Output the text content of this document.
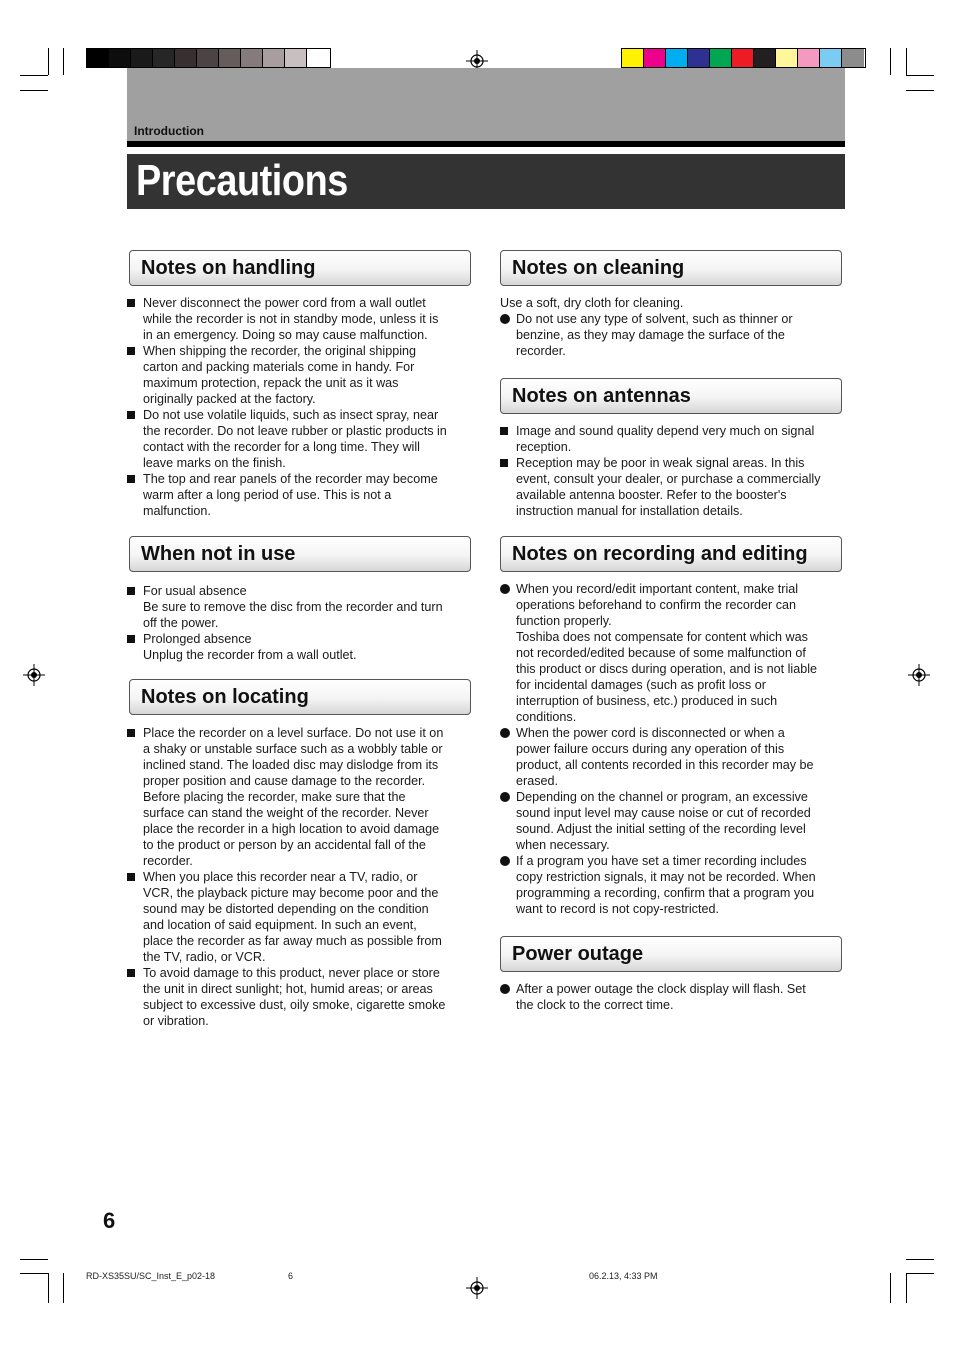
Introduction
Precautions
Notes on handling
Never disconnect the power cord from a wall outlet
while the recorder is not in standby mode, unless it is
in an emergency. Doing so may cause malfunction.
When shipping the recorder, the original shipping
carton and packing materials come in handy. For
maximum protection, repack the unit as it was
originally packed at the factory.
Do not use volatile liquids, such as insect spray, near
the recorder. Do not leave rubber or plastic products in
contact with the recorder for a long time. They will
leave marks on the finish.
The top and rear panels of the recorder may become
warm after a long period of use. This is not a
malfunction.
When not in use
For usual absence
Be sure to remove the disc from the recorder and turn
off the power.
Prolonged absence
Unplug the recorder from a wall outlet.
Notes on locating
Place the recorder on a level surface. Do not use it on
a shaky or unstable surface such as a wobbly table or
inclined stand. The loaded disc may dislodge from its
proper position and cause damage to the recorder.
Before placing the recorder, make sure that the
surface can stand the weight of the recorder. Never
place the recorder in a high location to avoid damage
to the product or person by an accidental fall of the
recorder.
When you place this recorder near a TV, radio, or
VCR, the playback picture may become poor and the
sound may be distorted depending on the condition
and location of said equipment. In such an event,
place the recorder as far away much as possible from
the TV, radio, or VCR.
To avoid damage to this product, never place or store
the unit in direct sunlight; hot, humid areas; or areas
subject to excessive dust, oily smoke, cigarette smoke
or vibration.
Notes on cleaning
Use a soft, dry cloth for cleaning.
Do not use any type of solvent, such as thinner or
benzine, as they may damage the surface of the
recorder.
Notes on antennas
Image and sound quality depend very much on signal
reception.
Reception may be poor in weak signal areas. In this
event, consult your dealer, or purchase a commercially
available antenna booster. Refer to the booster's
instruction manual for installation details.
Notes on recording and editing
When you record/edit important content, make trial
operations beforehand to confirm the recorder can
function properly.
Toshiba does not compensate for content which was
not recorded/edited because of some malfunction of
this product or discs during operation, and is not liable
for incidental damages (such as profit loss or
interruption of business, etc.) produced in such
conditions.
When the power cord is disconnected or when a
power failure occurs during any operation of this
product, all contents recorded in this recorder may be
erased.
Depending on the channel or program, an excessive
sound input level may cause noise or cut of recorded
sound. Adjust the initial setting of the recording level
when necessary.
If a program you have set a timer recording includes
copy restriction signals, it may not be recorded. When
programming a recording, confirm that a program you
want to record is not copy-restricted.
Power outage
After a power outage the clock display will flash. Set
the clock to the correct time.
6
RD-XS35SU/SC_Inst_E_p02-18	6	06.2.13, 4:33 PM
